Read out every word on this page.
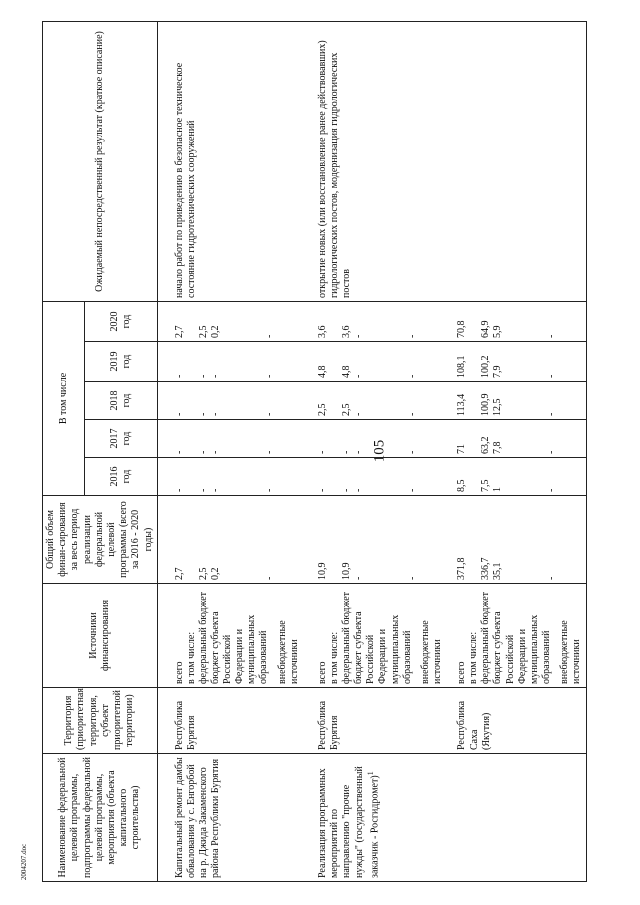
105
2004207.doc	Наименование федеральной целевой программы, подпрограммы федеральной целевой программы, мероприятия (объекта капитального строительства)	Территория (приоритетная территория, субъект приоритетной территории)	Источники финансирования	Общий объем финан-сирования за весь период реализации федеральной целевой программы (всего за 2016 - 2020 годы)	В том числе					Ожидаемый непосредственный результат (краткое описание)
				2016 год	2017 год	2018 год	2019 год	2020 год	
Капитальный ремонт дамбы обвалования у с. Енгорбой на р. Джида Закаменского района Республики Бурятия	Республика Бурятия	всего в том числе: федеральный бюджет бюджет субъекта Российской Федерации и муниципальных образований внебюджетные источники	2,7 2,5 0,2 -	- - - -	- - - -	- - - -	- - - -	2,7 2,5 0,2 -	начало работ по приведению в безопасное техническое состояние гидротехнических сооружений
Реализация программных мероприятий по направлению "прочие нужды" (государственный заказчик - Росгидромет)$^1$	Республика Бурятия	всего в том числе: федеральный бюджет бюджет субъекта Российской Федерации и муниципальных образований внебюджетные источники	10,9 10,9 - -	- - - -	- - - -	2,5 2,5 - -	4,8 4,8 - -	3,6 3,6 - -	открытие новых (или восстановление ранее действовавших) гидрологических постов, модернизация гидрологических постов
	Республика Саха (Якутия)	всего в том числе: федеральный бюджет бюджет субъекта Российской Федерации и муниципальных образований внебюджетные источники	371,8 336,7 35,1 -	8,5 7,5 1 -	71 63,2 7,8 -	113,4 100,9 12,5 -	108,1 100,2 7,9 -	70,8 64,9 5,9 -	
